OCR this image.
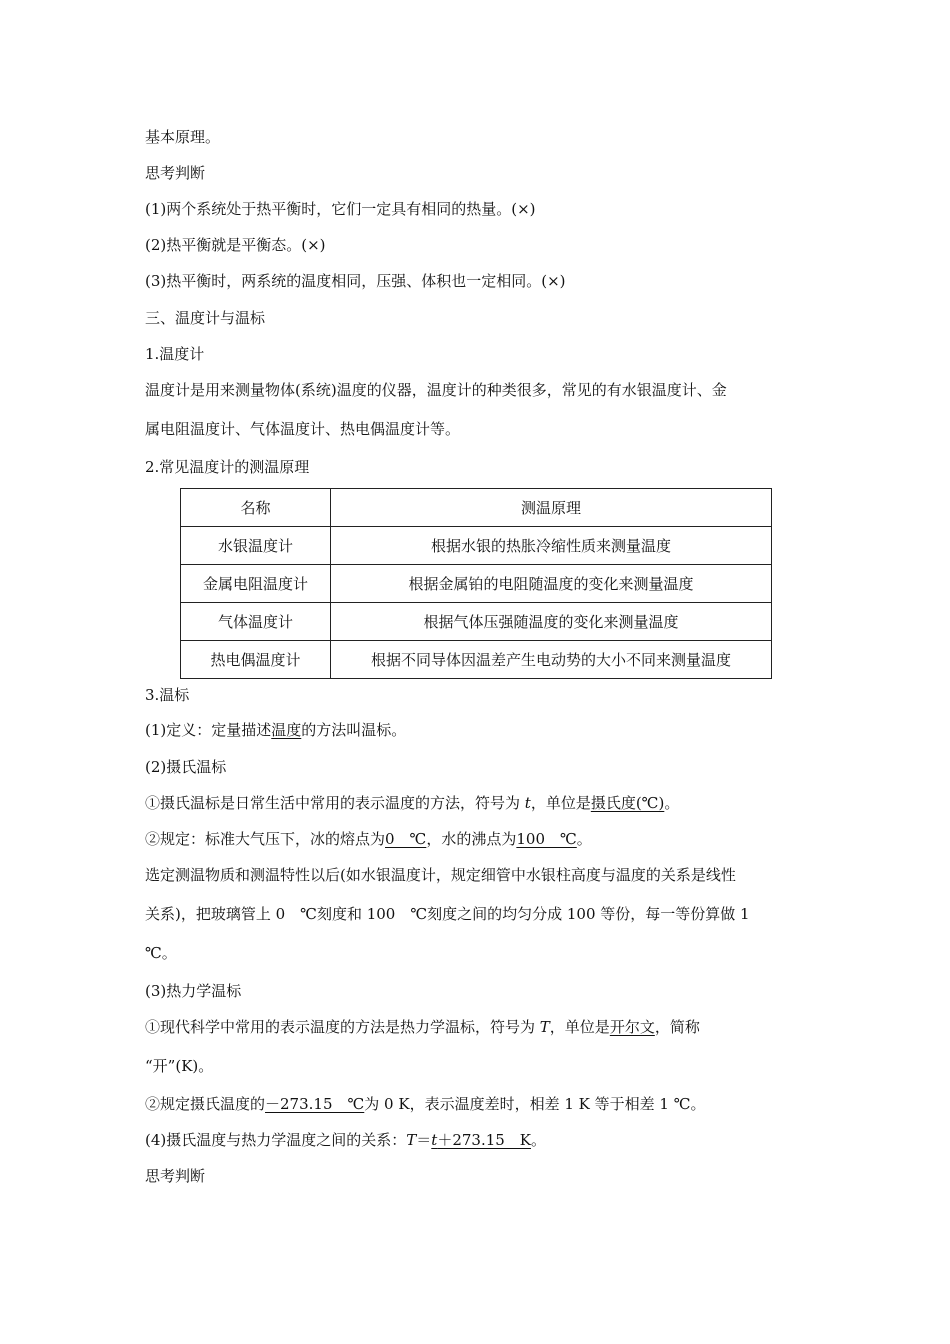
基本原理。
思考判断
(1)两个系统处于热平衡时，它们一定具有相同的热量。(×)
(2)热平衡就是平衡态。(×)
(3)热平衡时，两系统的温度相同，压强、体积也一定相同。(×)
三、温度计与温标
1.温度计
温度计是用来测量物体(系统)温度的仪器，温度计的种类很多，常见的有水银温度计、金
属电阻温度计、气体温度计、热电偶温度计等。
2.常见温度计的测温原理
名称	测温原理
水银温度计	根据水银的热胀冷缩性质来测量温度
金属电阻温度计	根据金属铂的电阻随温度的变化来测量温度
气体温度计	根据气体压强随温度的变化来测量温度
热电偶温度计	根据不同导体因温差产生电动势的大小不同来测量温度
3.温标
(1)定义：定量描述温度的方法叫温标。
(2)摄氏温标
①摄氏温标是日常生活中常用的表示温度的方法，符号为 t，单位是摄氏度(℃)。
②规定：标准大气压下，冰的熔点为0　℃，水的沸点为100　℃。
选定测温物质和测温特性以后(如水银温度计，规定细管中水银柱高度与温度的关系是线性
关系)，把玻璃管上 0　℃刻度和 100　℃刻度之间的均匀分成 100 等份，每一等份算做 1
℃。
(3)热力学温标
①现代科学中常用的表示温度的方法是热力学温标，符号为 T，单位是开尔文，简称
“开”(K)。
②规定摄氏温度的－273.15　℃为 0 K，表示温度差时，相差 1 K 等于相差 1 ℃。
(4)摄氏温度与热力学温度之间的关系：T＝t＋273.15　K。
思考判断
